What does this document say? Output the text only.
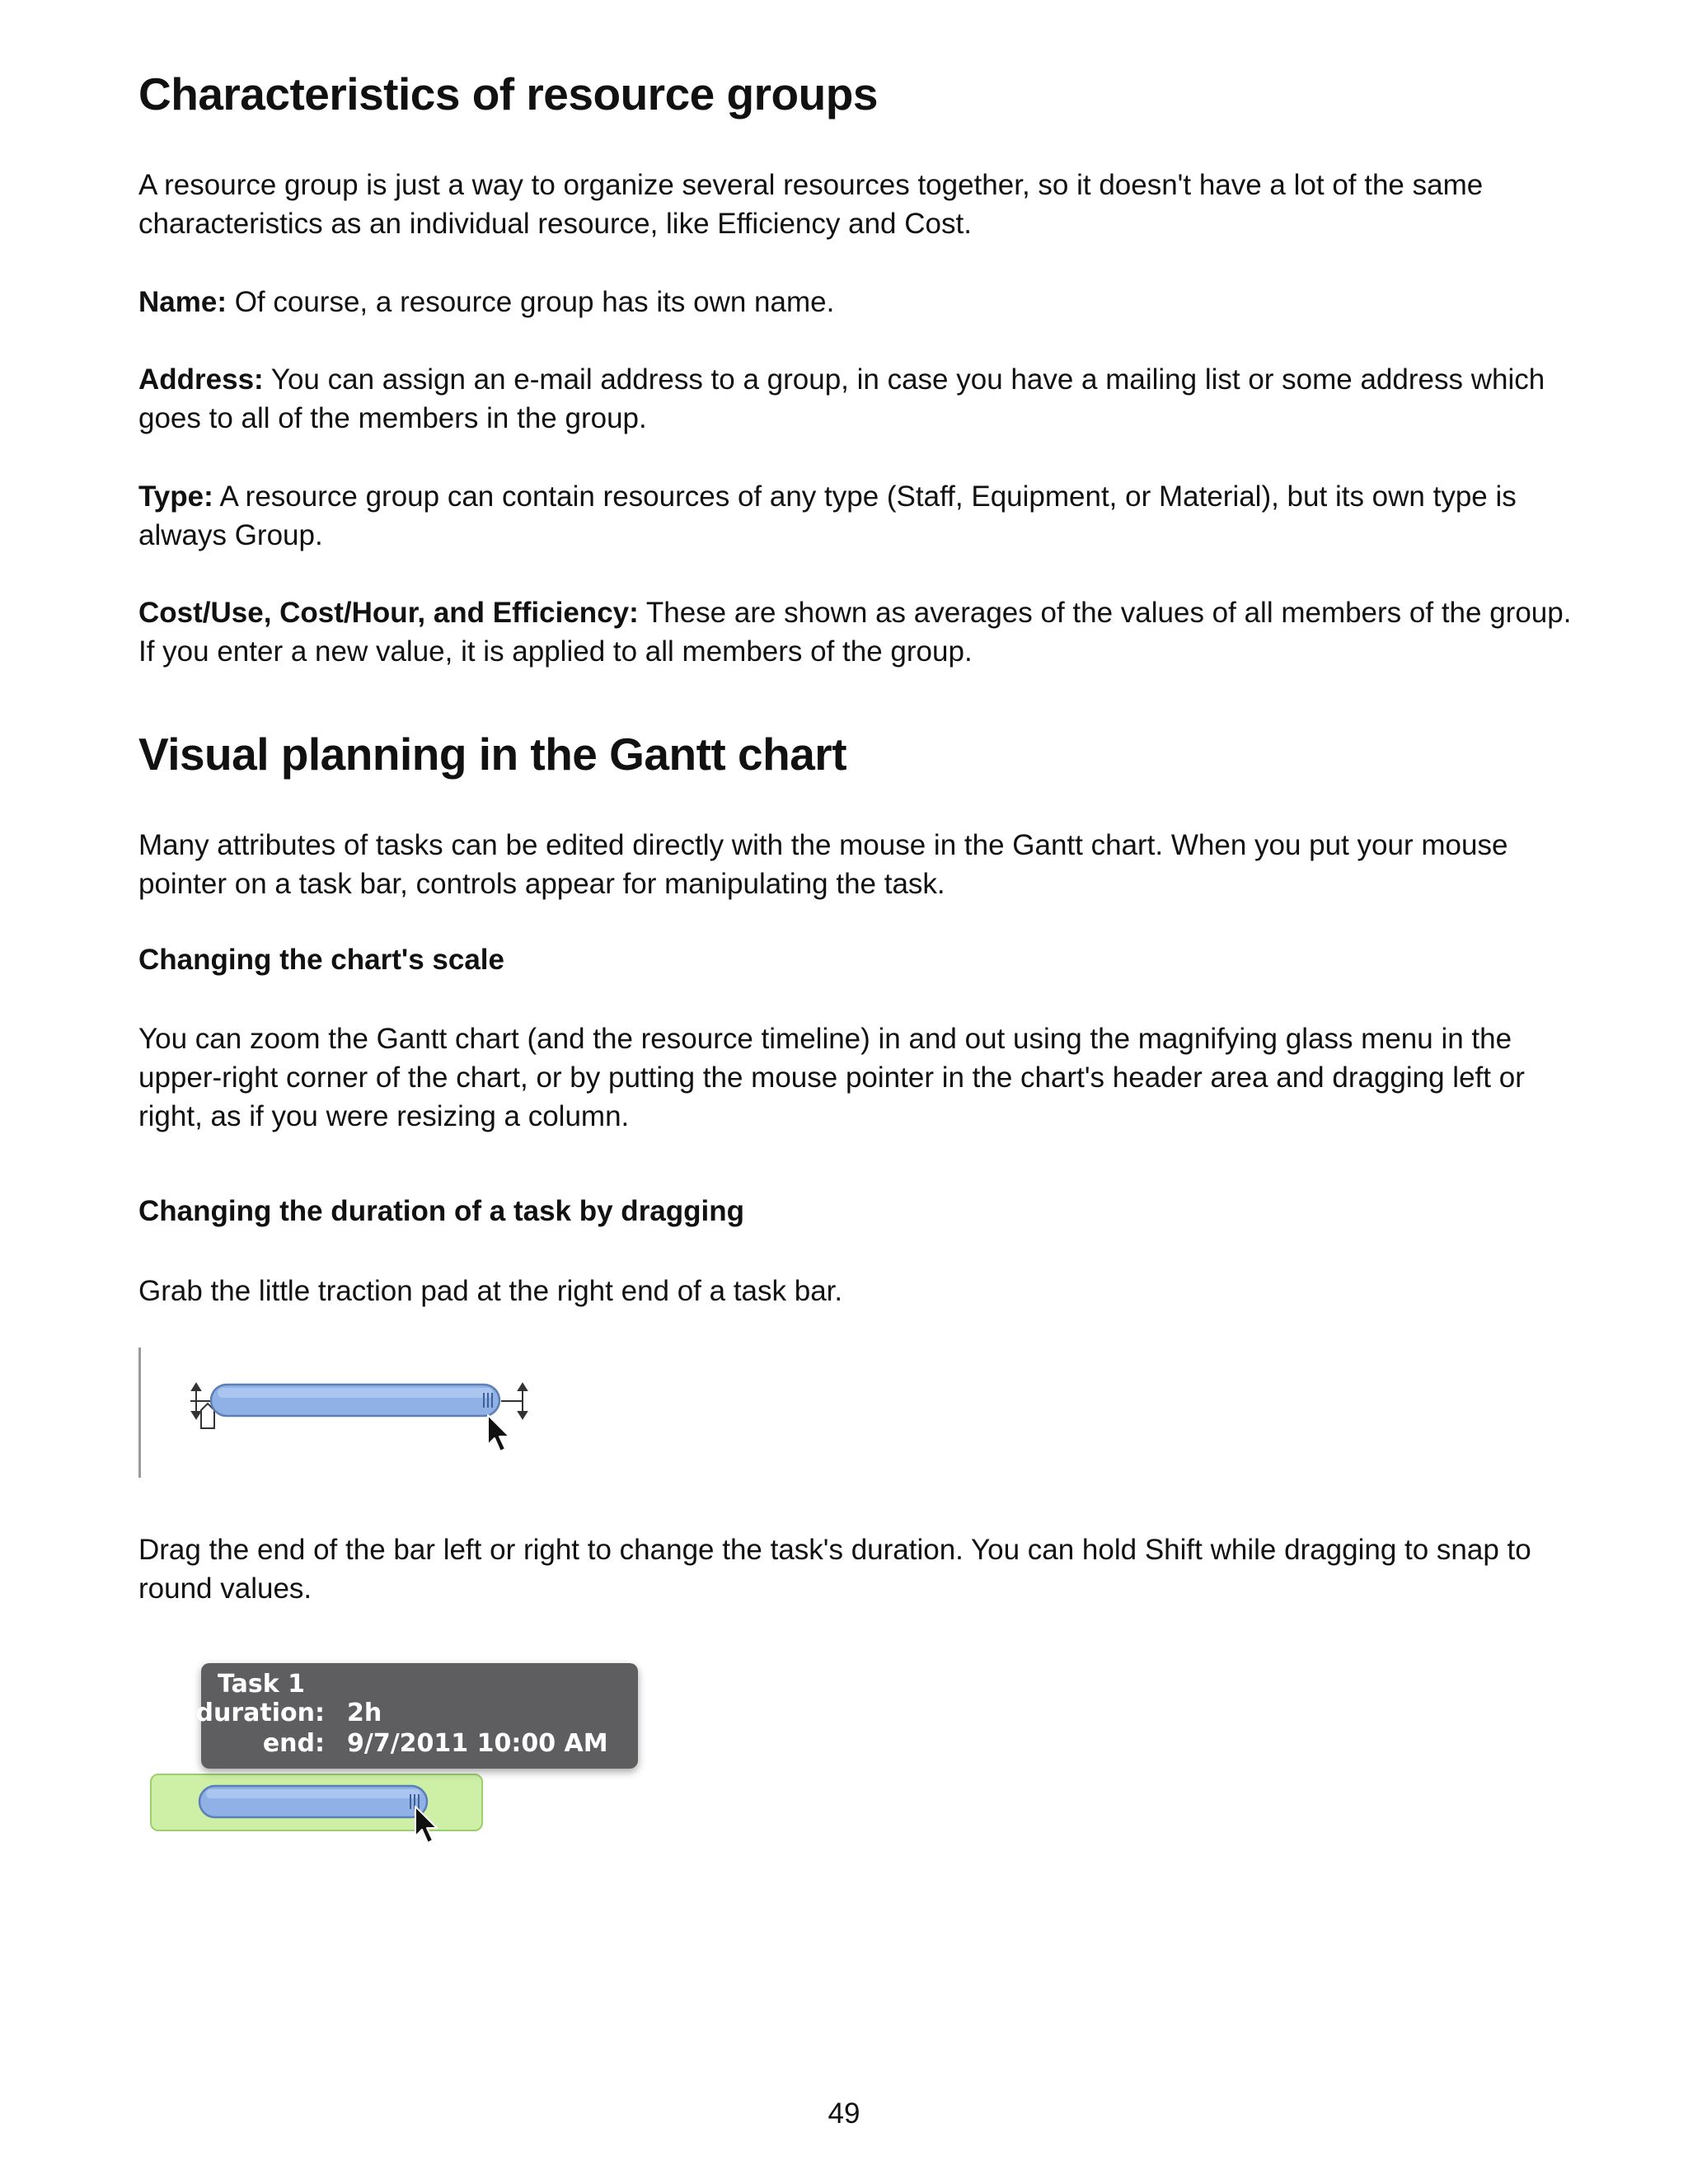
Characteristics of resource groups

A resource group is just a way to organize several resources together, so it doesn't have a lot of the same characteristics as an individual resource, like Efficiency and Cost.

Name: Of course, a resource group has its own name.

Address: You can assign an e-mail address to a group, in case you have a mailing list or some address which goes to all of the members in the group.

Type: A resource group can contain resources of any type (Staff, Equipment, or Material), but its own type is always Group.

Cost/Use, Cost/Hour, and Efficiency: These are shown as averages of the values of all members of the group. If you enter a new value, it is applied to all members of the group.

Visual planning in the Gantt chart

Many attributes of tasks can be edited directly with the mouse in the Gantt chart. When you put your mouse pointer on a task bar, controls appear for manipulating the task.

Changing the chart's scale

You can zoom the Gantt chart (and the resource timeline) in and out using the magnifying glass menu in the upper-right corner of the chart, or by putting the mouse pointer in the chart's header area and dragging left or right, as if you were resizing a column.

Changing the duration of a task by dragging

Grab the little traction pad at the right end of a task bar.

Drag the end of the bar left or right to change the task's duration. You can hold Shift while dragging to snap to round values.

49
Task 1
duration: 2h
end: 9/7/2011 10:00 AM
